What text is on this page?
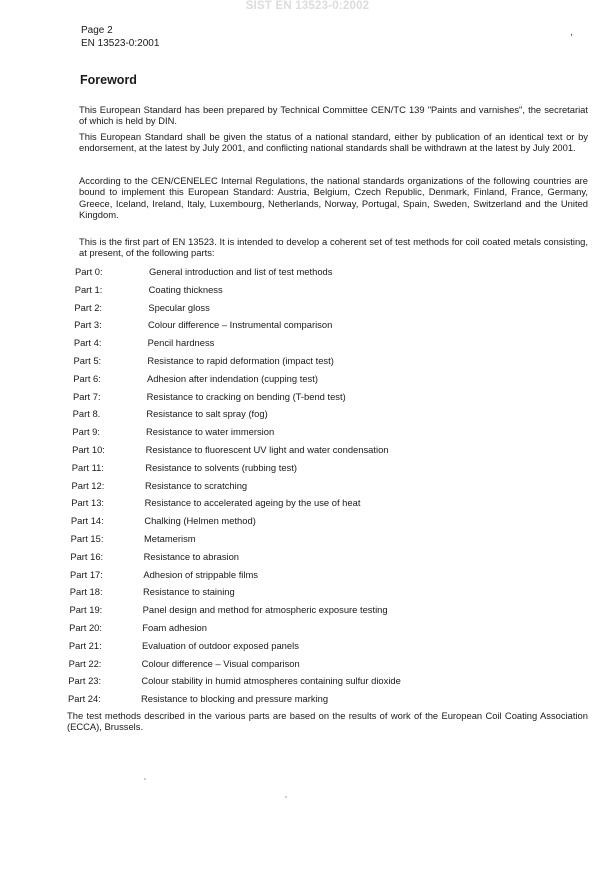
SIST EN 13523-0:2002
Page 2
EN 13523-0:2001
,
Foreword

This European Standard has been prepared by Technical Committee CEN/TC 139 "Paints and varnishes", the secretariat of which is held by DIN.

This European Standard shall be given the status of a national standard, either by publication of an identical text or by endorsement, at the latest by July 2001, and conflicting national standards shall be withdrawn at the latest by July 2001.

According to the CEN/CENELEC Internal Regulations, the national standards organizations of the following countries are bound to implement this European Standard: Austria, Belgium, Czech Republic, Denmark, Finland, France, Germany, Greece, Iceland, Ireland, Italy, Luxembourg, Netherlands, Norway, Portugal, Spain, Sweden, Switzerland and the United Kingdom.

This is the first part of EN 13523. It is intended to develop a coherent set of test methods for coil coated metals consisting, at present, of the following parts:

Part 0:	General introduction and list of test methods
Part 1:	Coating thickness
Part 2:	Specular gloss
Part 3:	Colour difference – Instrumental comparison
Part 4:	Pencil hardness
Part 5:	Resistance to rapid deformation (impact test)
Part 6:	Adhesion after indendation (cupping test)
Part 7:	Resistance to cracking on bending (T-bend test)
Part 8.	Resistance to salt spray (fog)
Part 9:	Resistance to water immersion
Part 10:	Resistance to fluorescent UV light and water condensation
Part 11:	Resistance to solvents (rubbing test)
Part 12:	Resistance to scratching
Part 13:	Resistance to accelerated ageing by the use of heat
Part 14:	Chalking (Helmen method)
Part 15:	Metamerism
Part 16:	Resistance to abrasion
Part 17:	Adhesion of strippable films
Part 18:	Resistance to staining
Part 19:	Panel design and method for atmospheric exposure testing
Part 20:	Foam adhesion
Part 21:	Evaluation of outdoor exposed panels
Part 22:	Colour difference – Visual comparison
Part 23:	Colour stability in humid atmospheres containing sulfur dioxide
Part 24:	Resistance to blocking and pressure marking

The test methods described in the various parts are based on the results of work of the European Coil Coating Association (ECCA), Brussels.
